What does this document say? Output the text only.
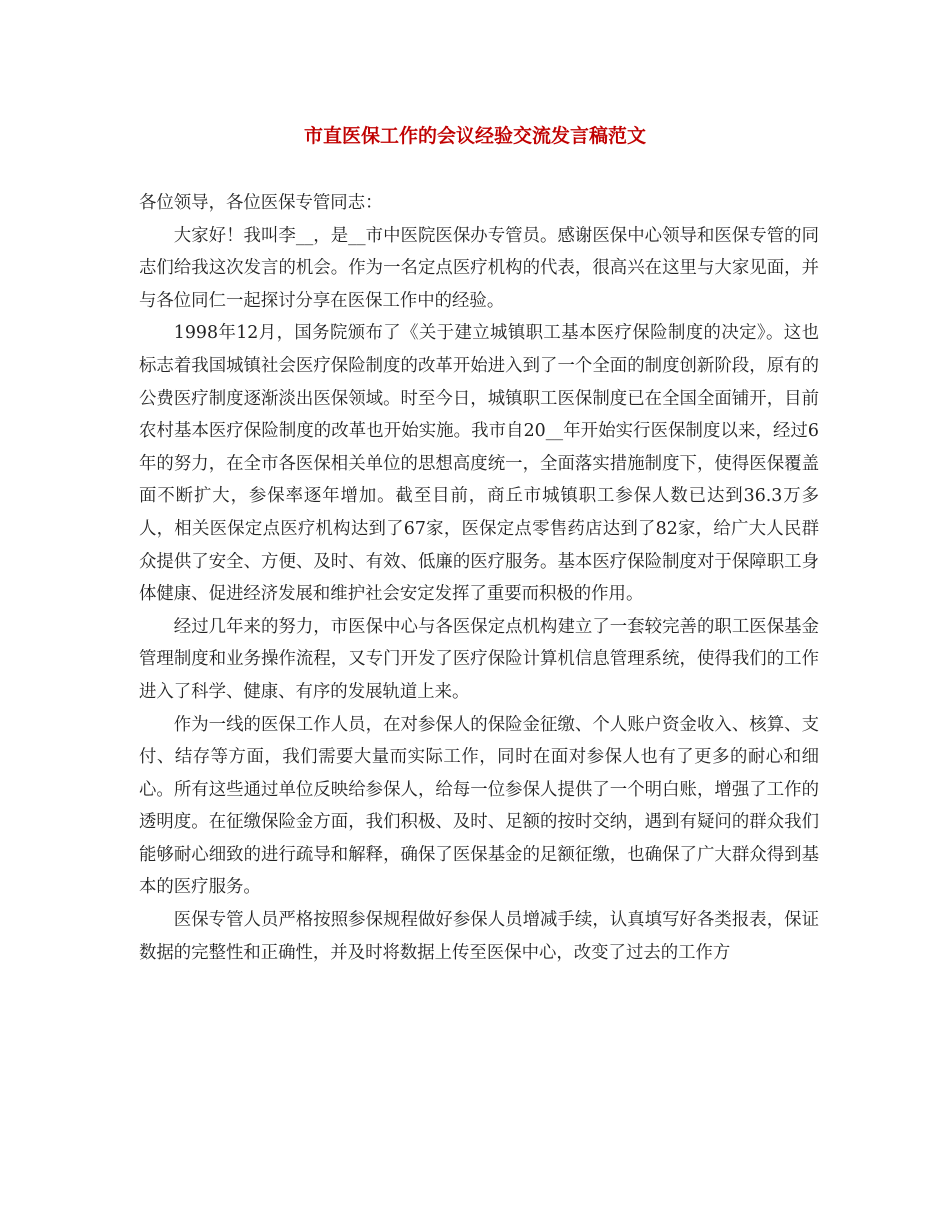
市直医保工作的会议经验交流发言稿范文

各位领导，各位医保专管同志：

大家好！我叫李__，是__市中医院医保办专管员。感谢医保中心领导和医保专管的同志们给我这次发言的机会。作为一名定点医疗机构的代表，很高兴在这里与大家见面，并与各位同仁一起探讨分享在医保工作中的经验。

1998年12月，国务院颁布了《关于建立城镇职工基本医疗保险制度的决定》。这也标志着我国城镇社会医疗保险制度的改革开始进入到了一个全面的制度创新阶段，原有的公费医疗制度逐渐淡出医保领域。时至今日，城镇职工医保制度已在全国全面铺开，目前农村基本医疗保险制度的改革也开始实施。我市自20__年开始实行医保制度以来，经过6年的努力，在全市各医保相关单位的思想高度统一，全面落实措施制度下，使得医保覆盖面不断扩大，参保率逐年增加。截至目前，商丘市城镇职工参保人数已达到36.3万多人，相关医保定点医疗机构达到了67家，医保定点零售药店达到了82家，给广大人民群众提供了安全、方便、及时、有效、低廉的医疗服务。基本医疗保险制度对于保障职工身体健康、促进经济发展和维护社会安定发挥了重要而积极的作用。

经过几年来的努力，市医保中心与各医保定点机构建立了一套较完善的职工医保基金管理制度和业务操作流程，又专门开发了医疗保险计算机信息管理系统，使得我们的工作进入了科学、健康、有序的发展轨道上来。

作为一线的医保工作人员，在对参保人的保险金征缴、个人账户资金收入、核算、支付、结存等方面，我们需要大量而实际工作，同时在面对参保人也有了更多的耐心和细心。所有这些通过单位反映给参保人，给每一位参保人提供了一个明白账，增强了工作的透明度。在征缴保险金方面，我们积极、及时、足额的按时交纳，遇到有疑问的群众我们能够耐心细致的进行疏导和解释，确保了医保基金的足额征缴，也确保了广大群众得到基本的医疗服务。

医保专管人员严格按照参保规程做好参保人员增减手续，认真填写好各类报表，保证数据的完整性和正确性，并及时将数据上传至医保中心，改变了过去的工作方
